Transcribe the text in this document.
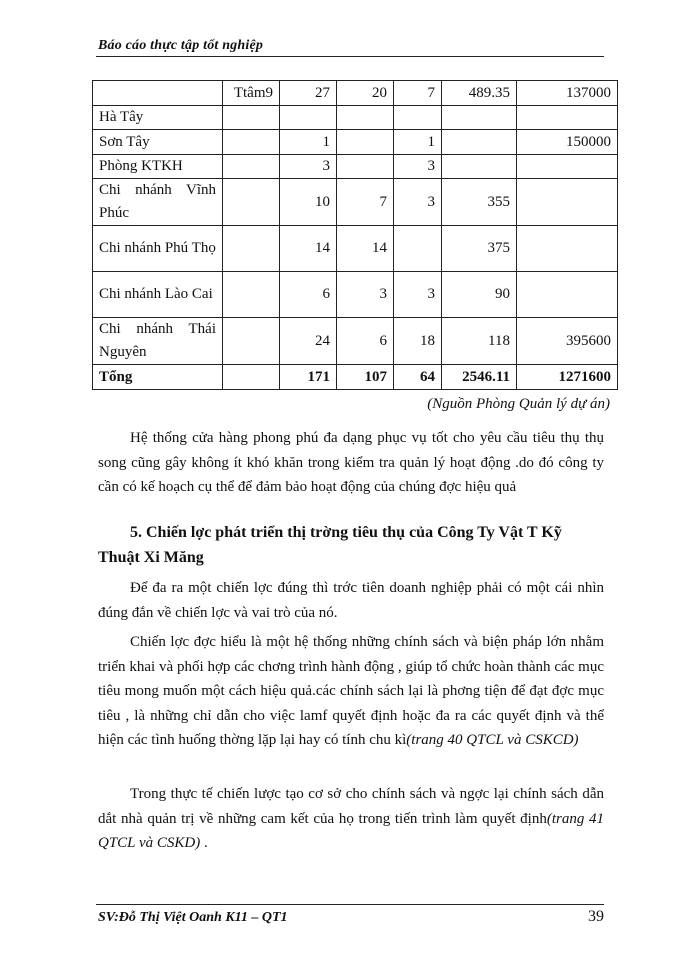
Báo cáo thực tập tốt nghiệp
	Ttâm9	27	20	7	489.35	137000
Hà Tây						
Sơn Tây		1		1		150000
Phòng KTKH		3		3		
Chi nhánh Vĩnh Phúc		10	7	3	355	
Chi nhánh Phú Thọ		14	14		375	
Chi nhánh Lào Cai		6	3	3	90	
Chi nhánh Thái Nguyên		24	6	18	118	395600
Tổng		171	107	64	2546.11	1271600
(Nguồn Phòng Quản lý dự án)

Hệ thống cửa hàng phong phú đa dạng phục vụ tốt cho yêu cầu tiêu thụ thụ song cũng gây không ít khó khăn trong kiểm tra quản lý hoạt động .do đó công ty cần có kế hoạch cụ thể để đảm bảo hoạt động của chúng đợc hiệu quả

5. Chiến lợc phát triển thị trờng tiêu thụ của Công Ty Vật T Kỹ Thuật Xi Măng

Để đa ra một chiến lợc đúng thì trớc tiên doanh nghiệp phải có một cái nhìn đúng đắn về chiến lợc và vai trò của nó.

Chiến lợc đợc hiểu là một hệ thống những chính sách và biện pháp lớn nhằm triển khai và phối hợp các chơng trình hành động , giúp tổ chức hoàn thành các mục tiêu mong muốn một cách hiệu quả.các chính sách lại là phơng tiện để đạt đợc mục tiêu , là những chỉ dẫn cho việc lamf quyết định hoặc đa ra các quyết định và thể hiện các tình huống thờng lặp lại hay có tính chu kì(trang 40 QTCL và CSKCD)

Trong thực tế chiến lược tạo cơ sở cho chính sách và ngợc lại chính sách dẫn dắt nhà quản trị về những cam kết của họ trong tiến trình làm quyết định(trang 41 QTCL và CSKD) .

SV:Đỗ Thị Việt Oanh K11 – QT1	39
